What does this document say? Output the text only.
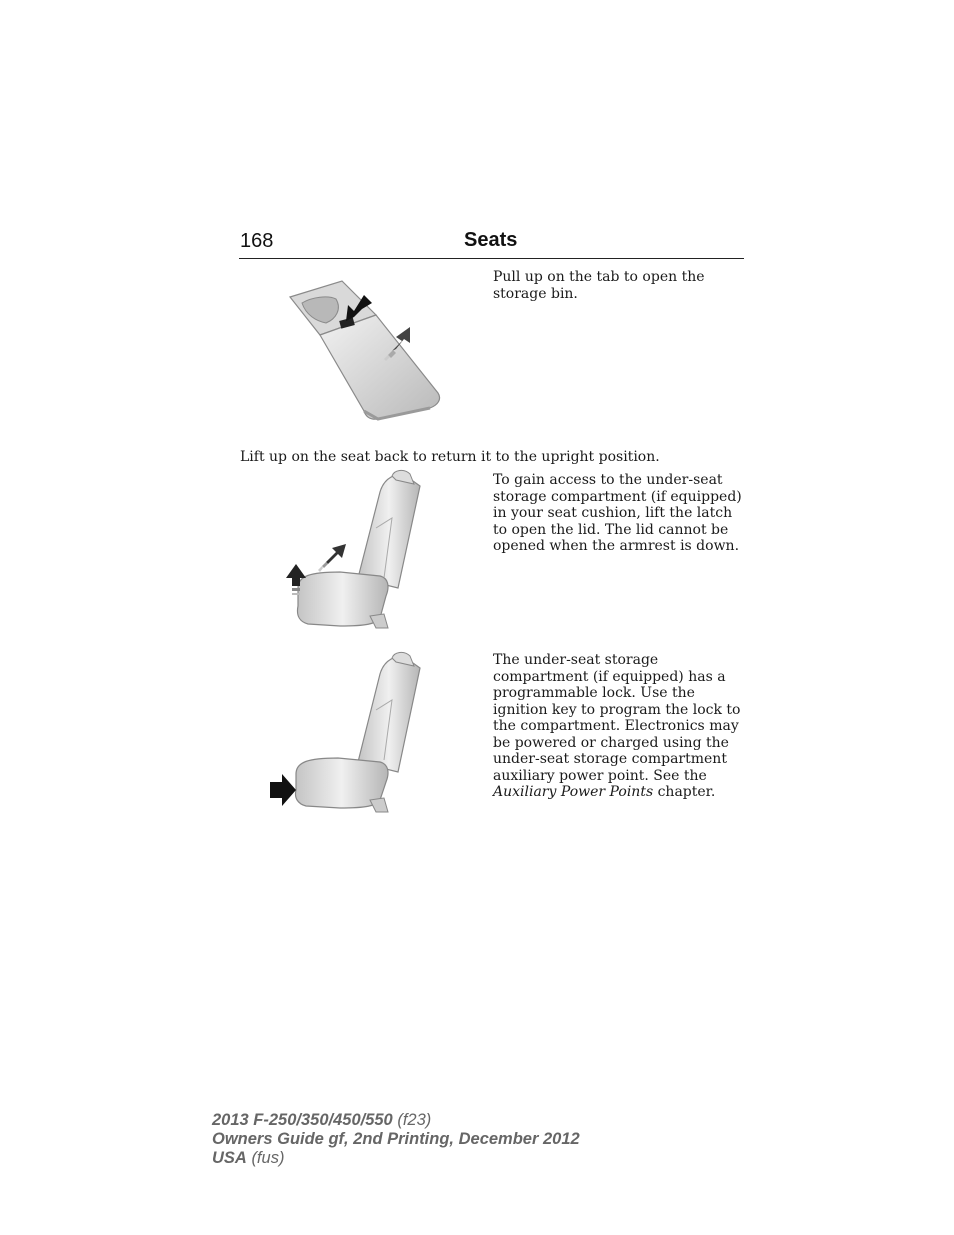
168	Seats

Pull up on the tab to open the storage bin.

Lift up on the seat back to return it to the upright position.

To gain access to the under-seat storage compartment (if equipped) in your seat cushion, lift the latch to open the lid. The lid cannot be opened when the armrest is down.

The under-seat storage compartment (if equipped) has a programmable lock. Use the ignition key to program the lock to the compartment. Electronics may be powered or charged using the under-seat storage compartment auxiliary power point. See the Auxiliary Power Points chapter.

2013 F-250/350/450/550 (f23)
Owners Guide gf, 2nd Printing, December 2012
USA (fus)
